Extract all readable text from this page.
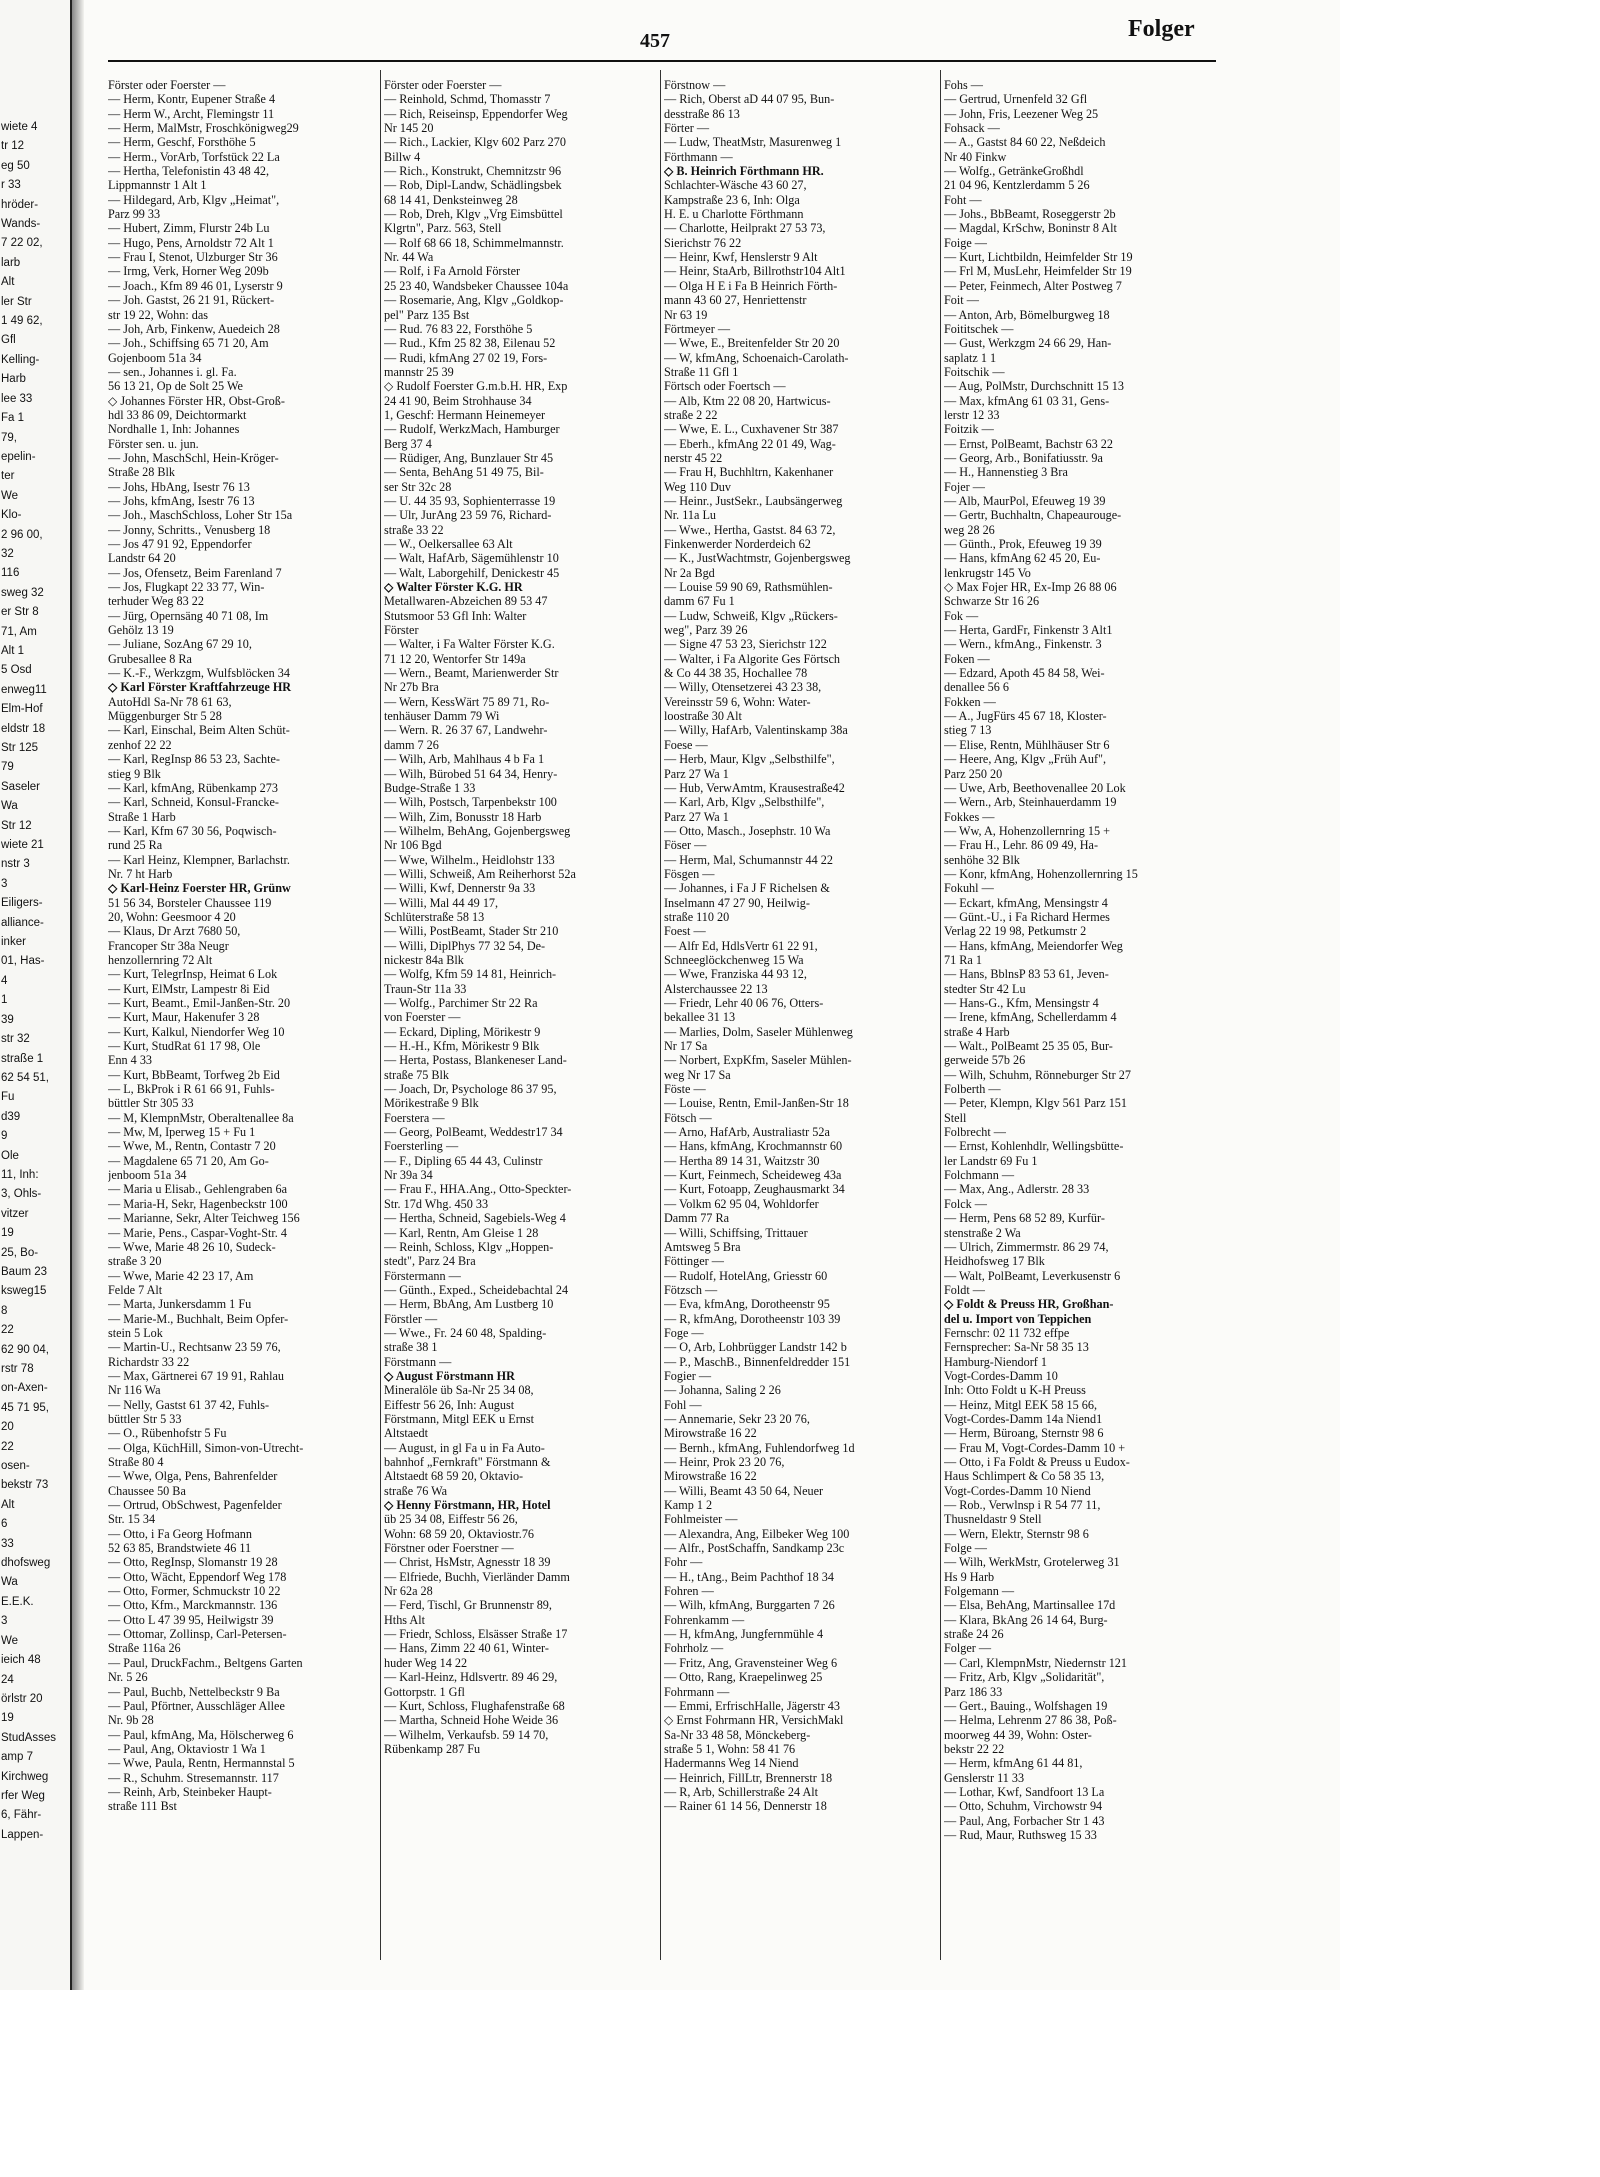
wiete 4
tr 12
eg 50
r 33
hröder-
Wands-
7 22 02,
larb
Alt
ler Str
1 49 62,
Gfl
Kelling-
Harb
lee 33
Fa 1
79,
epelin-
ter
We
Klo-
2 96 00,
32
116
sweg 32
er Str 8
71, Am
Alt 1
5 Osd
enweg11
Elm-Hof
eldstr 18
Str 125
79
Saseler
Wa
Str 12
wiete 21
nstr 3
3
Eiligers-
alliance-
inker
01, Has-
4
1
39
str 32
straße 1
62 54 51,
Fu
d39
9
Ole
11, Inh:
3, Ohls-
vitzer
19
25, Bo-
Baum 23
ksweg15
8
22
62 90 04,
rstr 78
on-Axen-
45 71 95,
20
22
osen-
bekstr 73
Alt
6
33
dhofsweg
Wa
E.E.K.
3
We
ieich 48
24
örlstr 20
19
StudAsses
amp 7
Kirchweg
rfer Weg
6, Fähr-
Lappen-
457	Folger
Förster oder Foerster —
— Herm, Kontr, Eupener Straße 4
— Herm W., Archt, Flemingstr 11
— Herm, MalMstr, Froschkönigweg29
— Herm, Geschf, Forsthöhe 5
— Herm., VorArb, Torfstück 22 La
— Hertha, Telefonistin 43 48 42,
Lippmannstr 1 Alt 1
— Hildegard, Arb, Klgv „Heimat",
Parz 99 33
— Hubert, Zimm, Flurstr 24b Lu
— Hugo, Pens, Arnoldstr 72 Alt 1
— Frau I, Stenot, Ulzburger Str 36
— Irmg, Verk, Horner Weg 209b
— Joach., Kfm 89 46 01, Lyserstr 9
— Joh. Gastst, 26 21 91, Rückert-
str 19 22, Wohn: das
— Joh, Arb, Finkenw, Auedeich 28
— Joh., Schiffsing 65 71 20, Am
Gojenboom 51a 34
— sen., Johannes i. gl. Fa.
56 13 21, Op de Solt 25 We
◇ Johannes Förster HR, Obst-Groß-
hdl 33 86 09, Deichtormarkt
Nordhalle 1, Inh: Johannes
Förster sen. u. jun.
— John, MaschSchl, Hein-Kröger-
Straße 28 Blk
— Johs, HbAng, Isestr 76 13
— Johs, kfmAng, Isestr 76 13
— Joh., MaschSchloss, Loher Str 15a
— Jonny, Schritts., Venusberg 18
— Jos 47 91 92, Eppendorfer
Landstr 64 20
— Jos, Ofensetz, Beim Farenland 7
— Jos, Flugkapt 22 33 77, Win-
terhuder Weg 83 22
— Jürg, Opernsäng 40 71 08, Im
Gehölz 13 19
— Juliane, SozAng 67 29 10,
Grubesallee 8 Ra
— K.-F., Werkzgm, Wulfsblöcken 34
◇ Karl Förster Kraftfahrzeuge HR
AutoHdl Sa-Nr 78 61 63,
Müggenburger Str 5 28
— Karl, Einschal, Beim Alten Schüt-
zenhof 22 22
— Karl, RegInsp 86 53 23, Sachte-
stieg 9 Blk
— Karl, kfmAng, Rübenkamp 273
— Karl, Schneid, Konsul-Francke-
Straße 1 Harb
— Karl, Kfm 67 30 56, Poqwisch-
rund 25 Ra
— Karl Heinz, Klempner, Barlachstr.
Nr. 7 ht Harb
◇ Karl-Heinz Foerster HR, Grünw
51 56 34, Borsteler Chaussee 119
20, Wohn: Geesmoor 4 20
— Klaus, Dr Arzt 7680 50,
Francoper Str 38a Neugr
henzollernring 72 Alt
— Kurt, TelegrInsp, Heimat 6 Lok
— Kurt, ElMstr, Lampestr 8i Eid
— Kurt, Beamt., Emil-Janßen-Str. 20
— Kurt, Maur, Hakenufer 3 28
— Kurt, Kalkul, Niendorfer Weg 10
— Kurt, StudRat 61 17 98, Ole
Enn 4 33
— Kurt, BbBeamt, Torfweg 2b Eid
— L, BkProk i R 61 66 91, Fuhls-
büttler Str 305 33
— M, KlempnMstr, Oberaltenallee 8a
— Mw, M, Iperweg 15 + Fu 1
— Wwe, M., Rentn, Contastr 7 20
— Magdalene 65 71 20, Am Go-
jenboom 51a 34
— Maria u Elisab., Gehlengraben 6a
— Maria-H, Sekr, Hagenbeckstr 100
— Marianne, Sekr, Alter Teichweg 156
— Marie, Pens., Caspar-Voght-Str. 4
— Wwe, Marie 48 26 10, Sudeck-
straße 3 20
— Wwe, Marie 42 23 17, Am
Felde 7 Alt
— Marta, Junkersdamm 1 Fu
— Marie-M., Buchhalt, Beim Opfer-
stein 5 Lok
— Martin-U., Rechtsanw 23 59 76,
Richardstr 33 22
— Max, Gärtnerei 67 19 91, Rahlau
Nr 116 Wa
— Nelly, Gastst 61 37 42, Fuhls-
büttler Str 5 33
— O., Rübenhofstr 5 Fu
— Olga, KüchHill, Simon-von-Utrecht-
Straße 80 4
— Wwe, Olga, Pens, Bahrenfelder
Chaussee 50 Ba
— Ortrud, ObSchwest, Pagenfelder
Str. 15 34
— Otto, i Fa Georg Hofmann
52 63 85, Brandstwiete 46 11
— Otto, RegInsp, Slomanstr 19 28
— Otto, Wächt, Eppendorf Weg 178
— Otto, Former, Schmuckstr 10 22
— Otto, Kfm., Marckmannstr. 136
— Otto L 47 39 95, Heilwigstr 39
— Ottomar, Zollinsp, Carl-Petersen-
Straße 116a 26
— Paul, DruckFachm., Beltgens Garten
Nr. 5 26
— Paul, Buchb, Nettelbeckstr 9 Ba
— Paul, Pförtner, Ausschläger Allee
Nr. 9b 28
— Paul, kfmAng, Ma, Hölscherweg 6
— Paul, Ang, Oktaviostr 1 Wa 1
— Wwe, Paula, Rentn, Hermannstal 5
— R., Schuhm. Stresemannstr. 117
— Reinh, Arb, Steinbeker Haupt-
straße 111 Bst
Förster oder Foerster —
— Reinhold, Schmd, Thomasstr 7
— Rich, Reiseinsp, Eppendorfer Weg
Nr 145 20
— Rich., Lackier, Klgv 602 Parz 270
Billw 4
— Rich., Konstrukt, Chemnitzstr 96
— Rob, Dipl-Landw, Schädlingsbek
68 14 41, Denksteinweg 28
— Rob, Dreh, Klgv „Vrg Eimsbüttel
Klgrtn", Parz. 563, Stell
— Rolf 68 66 18, Schimmelmannstr.
Nr. 44 Wa
— Rolf, i Fa Arnold Förster
25 23 40, Wandsbeker Chaussee 104a
— Rosemarie, Ang, Klgv „Goldkop-
pel" Parz 135 Bst
— Rud. 76 83 22, Forsthöhe 5
— Rud., Kfm 25 82 38, Eilenau 52
— Rudi, kfmAng 27 02 19, Fors-
mannstr 25 39
◇ Rudolf Foerster G.m.b.H. HR, Exp
24 41 90, Beim Strohhause 34
1, Geschf: Hermann Heinemeyer
— Rudolf, WerkzMach, Hamburger
Berg 37 4
— Rüdiger, Ang, Bunzlauer Str 45
— Senta, BehAng 51 49 75, Bil-
ser Str 32c 28
— U. 44 35 93, Sophienterrasse 19
— Ulr, JurAng 23 59 76, Richard-
straße 33 22
— W., Oelkersallee 63 Alt
— Walt, HafArb, Sägemühlenstr 10
— Walt, Laborgehilf, Denickestr 45
◇ Walter Förster K.G. HR
Metallwaren-Abzeichen 89 53 47
Stutsmoor 53 Gfl Inh: Walter
Förster
— Walter, i Fa Walter Förster K.G.
71 12 20, Wentorfer Str 149a
— Wern., Beamt, Marienwerder Str
Nr 27b Bra
— Wern, KessWärt 75 89 71, Ro-
tenhäuser Damm 79 Wi
— Wern. R. 26 37 67, Landwehr-
damm 7 26
— Wilh, Arb, Mahlhaus 4 b Fa 1
— Wilh, Bürobed 51 64 34, Henry-
Budge-Straße 1 33
— Wilh, Postsch, Tarpenbekstr 100
— Wilh, Zim, Bonusstr 18 Harb
— Wilhelm, BehAng, Gojenbergsweg
Nr 106 Bgd
— Wwe, Wilhelm., Heidlohstr 133
— Willi, Schweiß, Am Reiherhorst 52a
— Willi, Kwf, Dennerstr 9a 33
— Willi, Mal 44 49 17,
Schlüterstraße 58 13
— Willi, PostBeamt, Stader Str 210
— Willi, DiplPhys 77 32 54, De-
nickestr 84a Blk
— Wolfg, Kfm 59 14 81, Heinrich-
Traun-Str 11a 33
— Wolfg., Parchimer Str 22 Ra
von Foerster —
— Eckard, Dipling, Mörikestr 9
— H.-H., Kfm, Mörikestr 9 Blk
— Herta, Postass, Blankeneser Land-
straße 75 Blk
— Joach, Dr, Psychologe 86 37 95,
Mörikestraße 9 Blk
Foerstera —
— Georg, PolBeamt, Weddestr17 34
Foersterling —
— F., Dipling 65 44 43, Culinstr
Nr 39a 34
— Frau F., HHA.Ang., Otto-Speckter-
Str. 17d Whg. 450 33
— Hertha, Schneid, Sagebiels-Weg 4
— Karl, Rentn, Am Gleise 1 28
— Reinh, Schloss, Klgv „Hoppen-
stedt", Parz 24 Bra
Förstermann —
— Günth., Exped., Scheidebachtal 24
— Herm, BbAng, Am Lustberg 10
Förstler —
— Wwe., Fr. 24 60 48, Spalding-
straße 38 1
Förstmann —
◇ August Förstmann HR
Mineralöle üb Sa-Nr 25 34 08,
Eiffestr 56 26, Inh: August
Förstmann, Mitgl EEK u Ernst
Altstaedt
— August, in gl Fa u in Fa Auto-
bahnhof „Fernkraft" Förstmann &
Altstaedt 68 59 20, Oktavio-
straße 76 Wa
◇ Henny Förstmann, HR, Hotel
üb 25 34 08, Eiffestr 56 26,
Wohn: 68 59 20, Oktaviostr.76
Förstner oder Foerstner —
— Christ, HsMstr, Agnesstr 18 39
— Elfriede, Buchh, Vierländer Damm
Nr 62a 28
— Ferd, Tischl, Gr Brunnenstr 89,
Hths Alt
— Friedr, Schloss, Elsässer Straße 17
— Hans, Zimm 22 40 61, Winter-
huder Weg 14 22
— Karl-Heinz, Hdlsvertr. 89 46 29,
Gottorpstr. 1 Gfl
— Kurt, Schloss, Flughafenstraße 68
— Martha, Schneid Hohe Weide 36
— Wilhelm, Verkaufsb. 59 14 70,
Rübenkamp 287 Fu
Förstnow —
— Rich, Oberst aD 44 07 95, Bun-
desstraße 86 13
Förter —
— Ludw, TheatMstr, Masurenweg 1
Förthmann —
◇ B. Heinrich Förthmann HR.
Schlachter-Wäsche 43 60 27,
Kampstraße 23 6, Inh: Olga
H. E. u Charlotte Förthmann
— Charlotte, Heilprakt 27 53 73,
Sierichstr 76 22
— Heinr, Kwf, Henslerstr 9 Alt
— Heinr, StaArb, Billrothstr104 Alt1
— Olga H E i Fa B Heinrich Förth-
mann 43 60 27, Henriettenstr
Nr 63 19
Förtmeyer —
— Wwe, E., Breitenfelder Str 20 20
— W, kfmAng, Schoenaich-Carolath-
Straße 11 Gfl 1
Förtsch oder Foertsch —
— Alb, Ktm 22 08 20, Hartwicus-
straße 2 22
— Wwe, E. L., Cuxhavener Str 387
— Eberh., kfmAng 22 01 49, Wag-
nerstr 45 22
— Frau H, Buchhltrn, Kakenhaner
Weg 110 Duv
— Heinr., JustSekr., Laubsängerweg
Nr. 11a Lu
— Wwe., Hertha, Gastst. 84 63 72,
Finkenwerder Norderdeich 62
— K., JustWachtmstr, Gojenbergsweg
Nr 2a Bgd
— Louise 59 90 69, Rathsmühlen-
damm 67 Fu 1
— Ludw, Schweiß, Klgv „Rückers-
weg", Parz 39 26
— Signe 47 53 23, Sierichstr 122
— Walter, i Fa Algorite Ges Förtsch
& Co 44 38 35, Hochallee 78
— Willy, Otensetzerei 43 23 38,
Vereinsstr 59 6, Wohn: Water-
loostraße 30 Alt
— Willy, HafArb, Valentinskamp 38a
Foese —
— Herb, Maur, Klgv „Selbsthilfe",
Parz 27 Wa 1
— Hub, VerwAmtm, Krausestraße42
— Karl, Arb, Klgv „Selbsthilfe",
Parz 27 Wa 1
— Otto, Masch., Josephstr. 10 Wa
Föser —
— Herm, Mal, Schumannstr 44 22
Fösgen —
— Johannes, i Fa J F Richelsen &
Inselmann 47 27 90, Heilwig-
straße 110 20
Foest —
— Alfr Ed, HdlsVertr 61 22 91,
Schneeglöckchenweg 15 Wa
— Wwe, Franziska 44 93 12,
Alsterchaussee 22 13
— Friedr, Lehr 40 06 76, Otters-
bekallee 31 13
— Marlies, Dolm, Saseler Mühlenweg
Nr 17 Sa
— Norbert, ExpKfm, Saseler Mühlen-
weg Nr 17 Sa
Föste —
— Louise, Rentn, Emil-Janßen-Str 18
Fötsch —
— Arno, HafArb, Australiastr 52a
— Hans, kfmAng, Krochmannstr 60
— Hertha 89 14 31, Waitzstr 30
— Kurt, Feinmech, Scheideweg 43a
— Kurt, Fotoapp, Zeughausmarkt 34
— Volkm 62 95 04, Wohldorfer
Damm 77 Ra
— Willi, Schiffsing, Trittauer
Amtsweg 5 Bra
Föttinger —
— Rudolf, HotelAng, Griesstr 60
Fötzsch —
— Eva, kfmAng, Dorotheenstr 95
— R, kfmAng, Dorotheenstr 103 39
Foge —
— O, Arb, Lohbrügger Landstr 142 b
— P., MaschB., Binnenfeldredder 151
Fogier —
— Johanna, Saling 2 26
Fohl —
— Annemarie, Sekr 23 20 76,
Mirowstraße 16 22
— Bernh., kfmAng, Fuhlendorfweg 1d
— Heinr, Prok 23 20 76,
Mirowstraße 16 22
— Willi, Beamt 43 50 64, Neuer
Kamp 1 2
Fohlmeister —
— Alexandra, Ang, Eilbeker Weg 100
— Alfr., PostSchaffn, Sandkamp 23c
Fohr —
— H., tAng., Beim Pachthof 18 34
Fohren —
— Wilh, kfmAng, Burggarten 7 26
Fohrenkamm —
— H, kfmAng, Jungfernmühle 4
Fohrholz —
— Fritz, Ang, Gravensteiner Weg 6
— Otto, Rang, Kraepelinweg 25
Fohrmann —
— Emmi, ErfrischHalle, Jägerstr 43
◇ Ernst Fohrmann HR, VersichMakl
Sa-Nr 33 48 58, Mönckeberg-
straße 5 1, Wohn: 58 41 76
Hadermanns Weg 14 Niend
— Heinrich, FillLtr, Brennerstr 18
— R, Arb, Schillerstraße 24 Alt
— Rainer 61 14 56, Dennerstr 18
Fohs —
— Gertrud, Urnenfeld 32 Gfl
— John, Fris, Leezener Weg 25
Fohsack —
— A., Gastst 84 60 22, Neßdeich
Nr 40 Finkw
— Wolfg., GetränkeGroßhdl
21 04 96, Kentzlerdamm 5 26
Foht —
— Johs., BbBeamt, Roseggerstr 2b
— Magdal, KrSchw, Boninstr 8 Alt
Foige —
— Kurt, Lichtbildn, Heimfelder Str 19
— Frl M, MusLehr, Heimfelder Str 19
— Peter, Feinmech, Alter Postweg 7
Foit —
— Anton, Arb, Bömelburgweg 18
Foititschek —
— Gust, Werkzgm 24 66 29, Han-
saplatz 1 1
Foitschik —
— Aug, PolMstr, Durchschnitt 15 13
— Max, kfmAng 61 03 31, Gens-
lerstr 12 33
Foitzik —
— Ernst, PolBeamt, Bachstr 63 22
— Georg, Arb., Bonifatiusstr. 9a
— H., Hannenstieg 3 Bra
Fojer —
— Alb, MaurPol, Efeuweg 19 39
— Gertr, Buchhaltn, Chapeaurouge-
weg 28 26
— Günth., Prok, Efeuweg 19 39
— Hans, kfmAng 62 45 20, Eu-
lenkrugstr 145 Vo
◇ Max Fojer HR, Ex-Imp 26 88 06
Schwarze Str 16 26
Fok —
— Herta, GardFr, Finkenstr 3 Alt1
— Wern., kfmAng., Finkenstr. 3
Foken —
— Edzard, Apoth 45 84 58, Wei-
denallee 56 6
Fokken —
— A., JugFürs 45 67 18, Kloster-
stieg 7 13
— Elise, Rentn, Mühlhäuser Str 6
— Heere, Ang, Klgv „Früh Auf",
Parz 250 20
— Uwe, Arb, Beethovenallee 20 Lok
— Wern., Arb, Steinhauerdamm 19
Fokkes —
— Ww, A, Hohenzollernring 15 +
— Frau H., Lehr. 86 09 49, Ha-
senhöhe 32 Blk
— Konr, kfmAng, Hohenzollernring 15
Fokuhl —
— Eckart, kfmAng, Mensingstr 4
— Günt.-U., i Fa Richard Hermes
Verlag 22 19 98, Petkumstr 2
— Hans, kfmAng, Meiendorfer Weg
71 Ra 1
— Hans, BblnsP 83 53 61, Jeven-
stedter Str 42 Lu
— Hans-G., Kfm, Mensingstr 4
— Irene, kfmAng, Schellerdamm 4
straße 4 Harb
— Walt., PolBeamt 25 35 05, Bur-
gerweide 57b 26
— Wilh, Schuhm, Rönneburger Str 27
Folberth —
— Peter, Klempn, Klgv 561 Parz 151
Stell
Folbrecht —
— Ernst, Kohlenhdlr, Wellingsbütte-
ler Landstr 69 Fu 1
Folchmann —
— Max, Ang., Adlerstr. 28 33
Folck —
— Herm, Pens 68 52 89, Kurfür-
stenstraße 2 Wa
— Ulrich, Zimmermstr. 86 29 74,
Heidhofsweg 17 Blk
— Walt, PolBeamt, Leverkusenstr 6
Foldt —
◇ Foldt & Preuss HR, Großhan-
del u. Import von Teppichen
Fernschr: 02 11 732 effpe
Fernsprecher: Sa-Nr 58 35 13
Hamburg-Niendorf 1
Vogt-Cordes-Damm 10
Inh: Otto Foldt u K-H Preuss
— Heinz, Mitgl EEK 58 15 66,
Vogt-Cordes-Damm 14a Niend1
— Herm, Büroang, Sternstr 98 6
— Frau M, Vogt-Cordes-Damm 10 +
— Otto, i Fa Foldt & Preuss u Eudox-
Haus Schlimpert & Co 58 35 13,
Vogt-Cordes-Damm 10 Niend
— Rob., Verwlnsp i R 54 77 11,
Thusneldastr 9 Stell
— Wern, Elektr, Sternstr 98 6
Folge —
— Wilh, WerkMstr, Grotelerweg 31
Hs 9 Harb
Folgemann —
— Elsa, BehAng, Martinsallee 17d
— Klara, BkAng 26 14 64, Burg-
straße 24 26
Folger —
— Carl, KlempnMstr, Niedernstr 121
— Fritz, Arb, Klgv „Solidarität",
Parz 186 33
— Gert., Bauing., Wolfshagen 19
— Helma, Lehrenm 27 86 38, Poß-
moorweg 44 39, Wohn: Oster-
bekstr 22 22
— Herm, kfmAng 61 44 81,
Genslerstr 11 33
— Lothar, Kwf, Sandfoort 13 La
— Otto, Schuhm, Virchowstr 94
— Paul, Ang, Forbacher Str 1 43
— Rud, Maur, Ruthsweg 15 33
